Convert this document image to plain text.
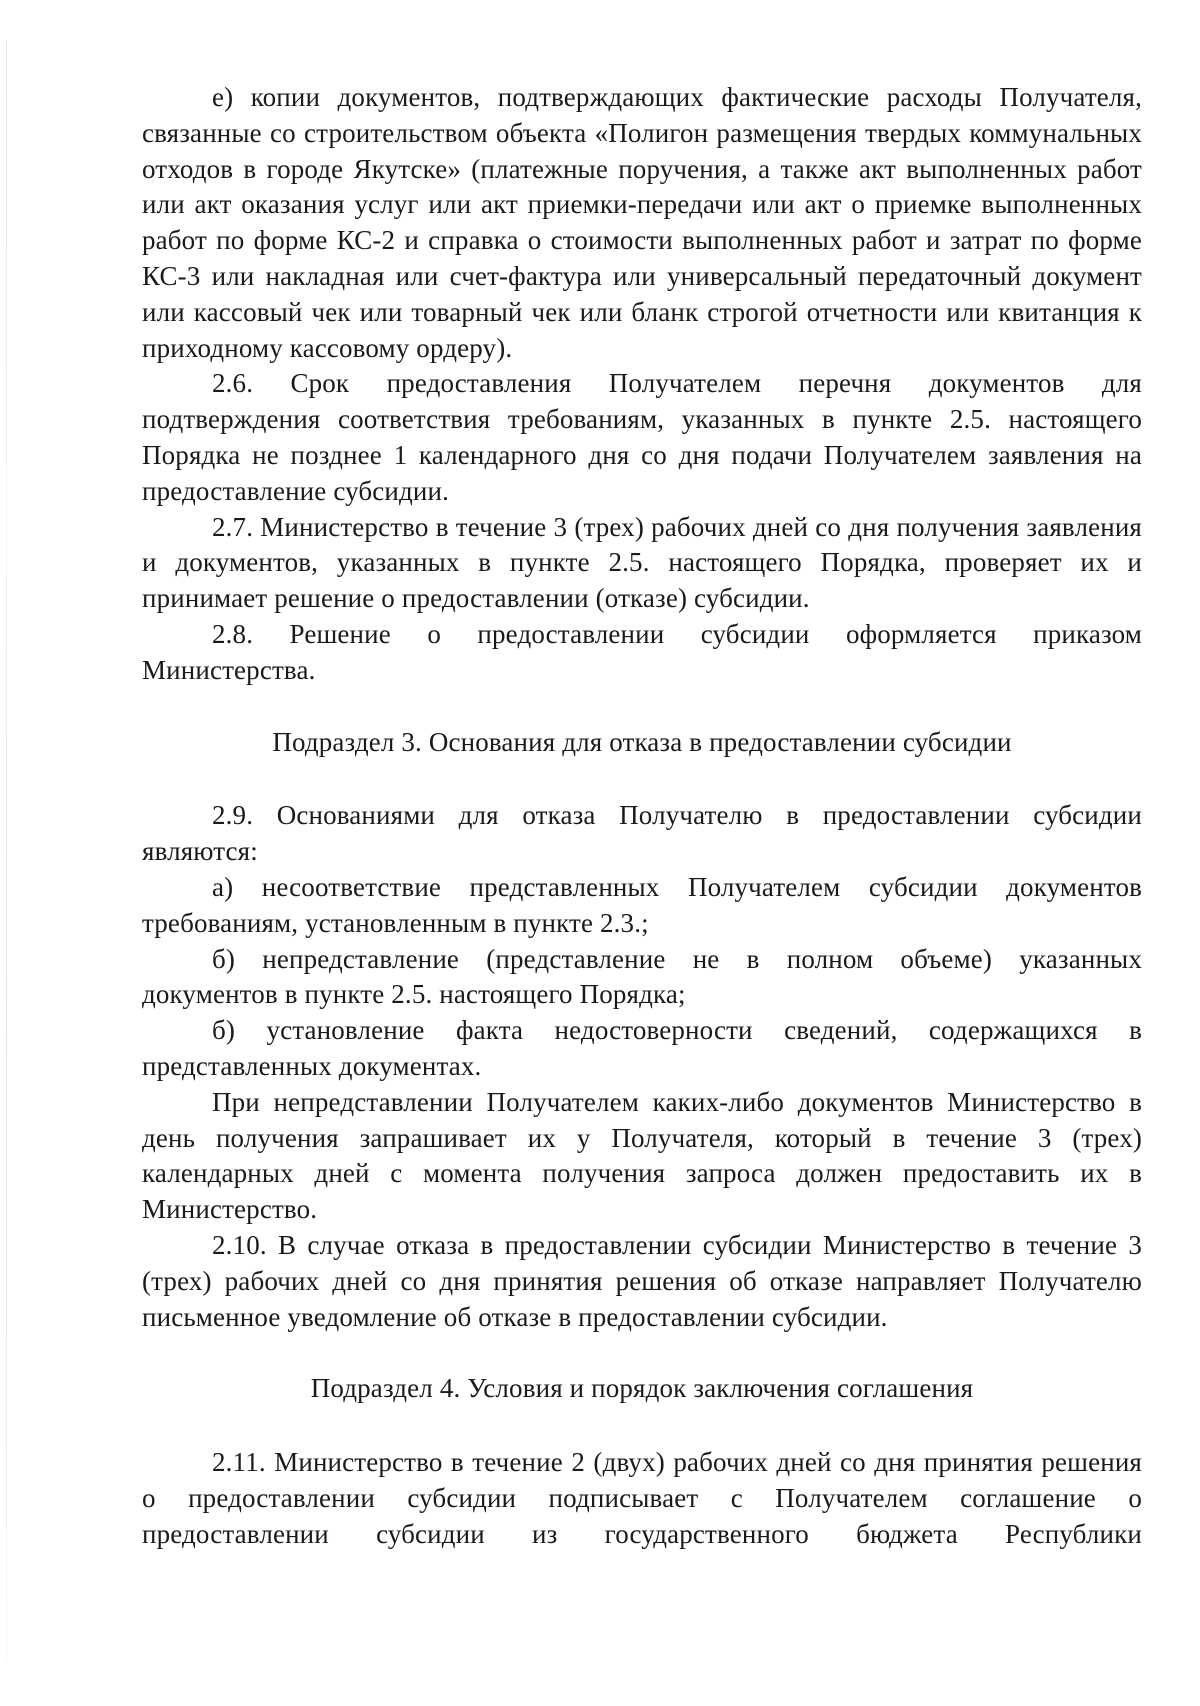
е) копии документов, подтверждающих фактические расходы Получателя, связанные со строительством объекта «Полигон размещения твердых коммунальных отходов в городе Якутске» (платежные поручения, а также акт выполненных работ или акт оказания услуг или акт приемки-передачи или акт о приемке выполненных работ по форме КС-2 и справка о стоимости выполненных работ и затрат по форме КС-3 или накладная или счет-фактура или универсальный передаточный документ или кассовый чек или товарный чек или бланк строгой отчетности или квитанция к приходному кассовому ордеру).

2.6. Срок предоставления Получателем перечня документов для подтверждения соответствия требованиям, указанных в пункте 2.5. настоящего Порядка не позднее 1 календарного дня со дня подачи Получателем заявления на предоставление субсидии.

2.7. Министерство в течение 3 (трех) рабочих дней со дня получения заявления и документов, указанных в пункте 2.5. настоящего Порядка, проверяет их и принимает решение о предоставлении (отказе) субсидии.

2.8. Решение о предоставлении субсидии оформляется приказом Министерства.

Подраздел 3. Основания для отказа в предоставлении субсидии

2.9. Основаниями для отказа Получателю в предоставлении субсидии являются:

а) несоответствие представленных Получателем субсидии документов требованиям, установленным в пункте 2.3.;

б) непредставление (представление не в полном объеме) указанных документов в пункте 2.5. настоящего Порядка;

б) установление факта недостоверности сведений, содержащихся в представленных документах.

При непредставлении Получателем каких-либо документов Министерство в день получения запрашивает их у Получателя, который в течение 3 (трех) календарных дней с момента получения запроса должен предоставить их в Министерство.

2.10. В случае отказа в предоставлении субсидии Министерство в течение 3 (трех) рабочих дней со дня принятия решения об отказе направляет Получателю письменное уведомление об отказе в предоставлении субсидии.

Подраздел 4. Условия и порядок заключения соглашения

2.11. Министерство в течение 2 (двух) рабочих дней со дня принятия решения о предоставлении субсидии подписывает с Получателем соглашение о предоставлении субсидии из государственного бюджета Республики
